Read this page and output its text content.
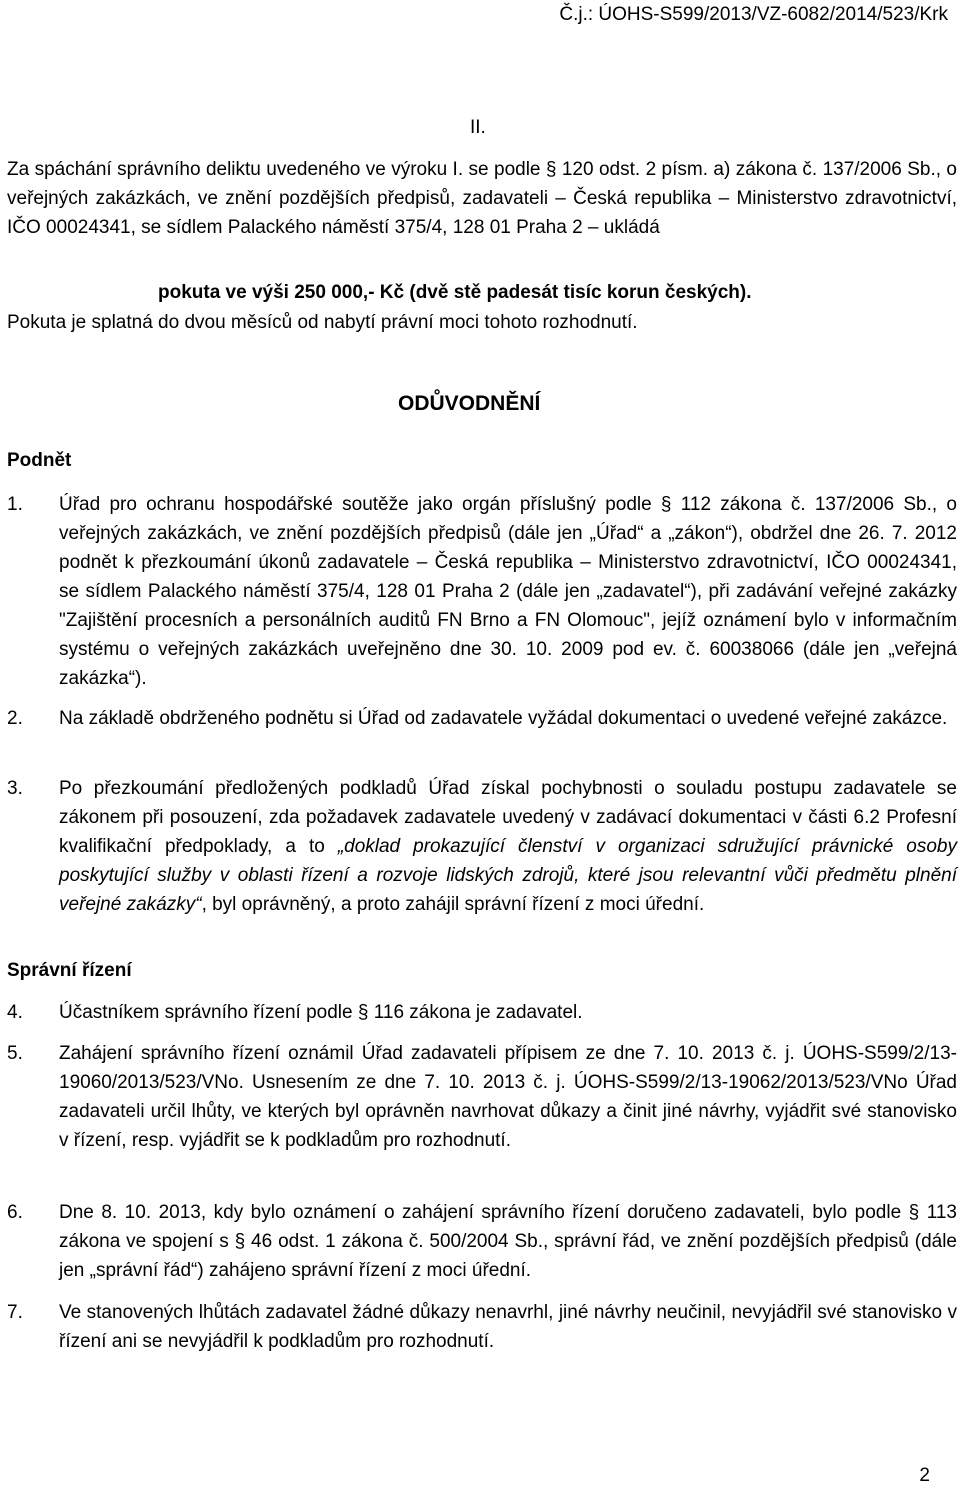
Č.j.: ÚOHS-S599/2013/VZ-6082/2014/523/Krk
II.
Za spáchání správního deliktu uvedeného ve výroku I. se podle § 120 odst. 2 písm. a) zákona č. 137/2006 Sb., o veřejných zakázkách, ve znění pozdějších předpisů, zadavateli – Česká republika – Ministerstvo zdravotnictví, IČO 00024341, se sídlem Palackého náměstí 375/4, 128 01 Praha 2 – ukládá
pokuta ve výši 250 000,- Kč (dvě stě padesát tisíc korun českých).
Pokuta je splatná do dvou měsíců od nabytí právní moci tohoto rozhodnutí.
ODŮVODNĚNÍ
Podnět
1. Úřad pro ochranu hospodářské soutěže jako orgán příslušný podle § 112 zákona č. 137/2006 Sb., o veřejných zakázkách, ve znění pozdějších předpisů (dále jen „Úřad“ a „zákon“), obdržel dne 26. 7. 2012 podnět k přezkoumání úkonů zadavatele – Česká republika – Ministerstvo zdravotnictví, IČO 00024341, se sídlem Palackého náměstí 375/4, 128 01 Praha 2 (dále jen „zadavatel“), při zadávání veřejné zakázky "Zajištění procesních a personálních auditů FN Brno a FN Olomouc", jejíž oznámení bylo v informačním systému o veřejných zakázkách uveřejněno dne 30. 10. 2009 pod ev. č. 60038066 (dále jen „veřejná zakázka“).
2. Na základě obdrženého podnětu si Úřad od zadavatele vyžádal dokumentaci o uvedené veřejné zakázce.
3. Po přezkoumání předložených podkladů Úřad získal pochybnosti o souladu postupu zadavatele se zákonem při posouzení, zda požadavek zadavatele uvedený v zadávací dokumentaci v části 6.2 Profesní kvalifikační předpoklady, a to „doklad prokazující členství v organizaci sdružující právnické osoby poskytující služby v oblasti řízení a rozvoje lidských zdrojů, které jsou relevantní vůči předmětu plnění veřejné zakázky“, byl oprávněný, a proto zahájil správní řízení z moci úřední.
Správní řízení
4. Účastníkem správního řízení podle § 116 zákona je zadavatel.
5. Zahájení správního řízení oznámil Úřad zadavateli přípisem ze dne 7. 10. 2013 č. j. ÚOHS-S599/2/13-19060/2013/523/VNo. Usnesením ze dne 7. 10. 2013 č. j. ÚOHS-S599/2/13-19062/2013/523/VNo Úřad zadavateli určil lhůty, ve kterých byl oprávněn navrhovat důkazy a činit jiné návrhy, vyjádřit své stanovisko v řízení, resp. vyjádřit se k podkladům pro rozhodnutí.
6. Dne 8. 10. 2013, kdy bylo oznámení o zahájení správního řízení doručeno zadavateli, bylo podle § 113 zákona ve spojení s § 46 odst. 1 zákona č. 500/2004 Sb., správní řád, ve znění pozdějších předpisů (dále jen „správní řád“) zahájeno správní řízení z moci úřední.
7. Ve stanovených lhůtách zadavatel žádné důkazy nenavrhl, jiné návrhy neučinil, nevyjádřil své stanovisko v řízení ani se nevyjádřil k podkladům pro rozhodnutí.
2
